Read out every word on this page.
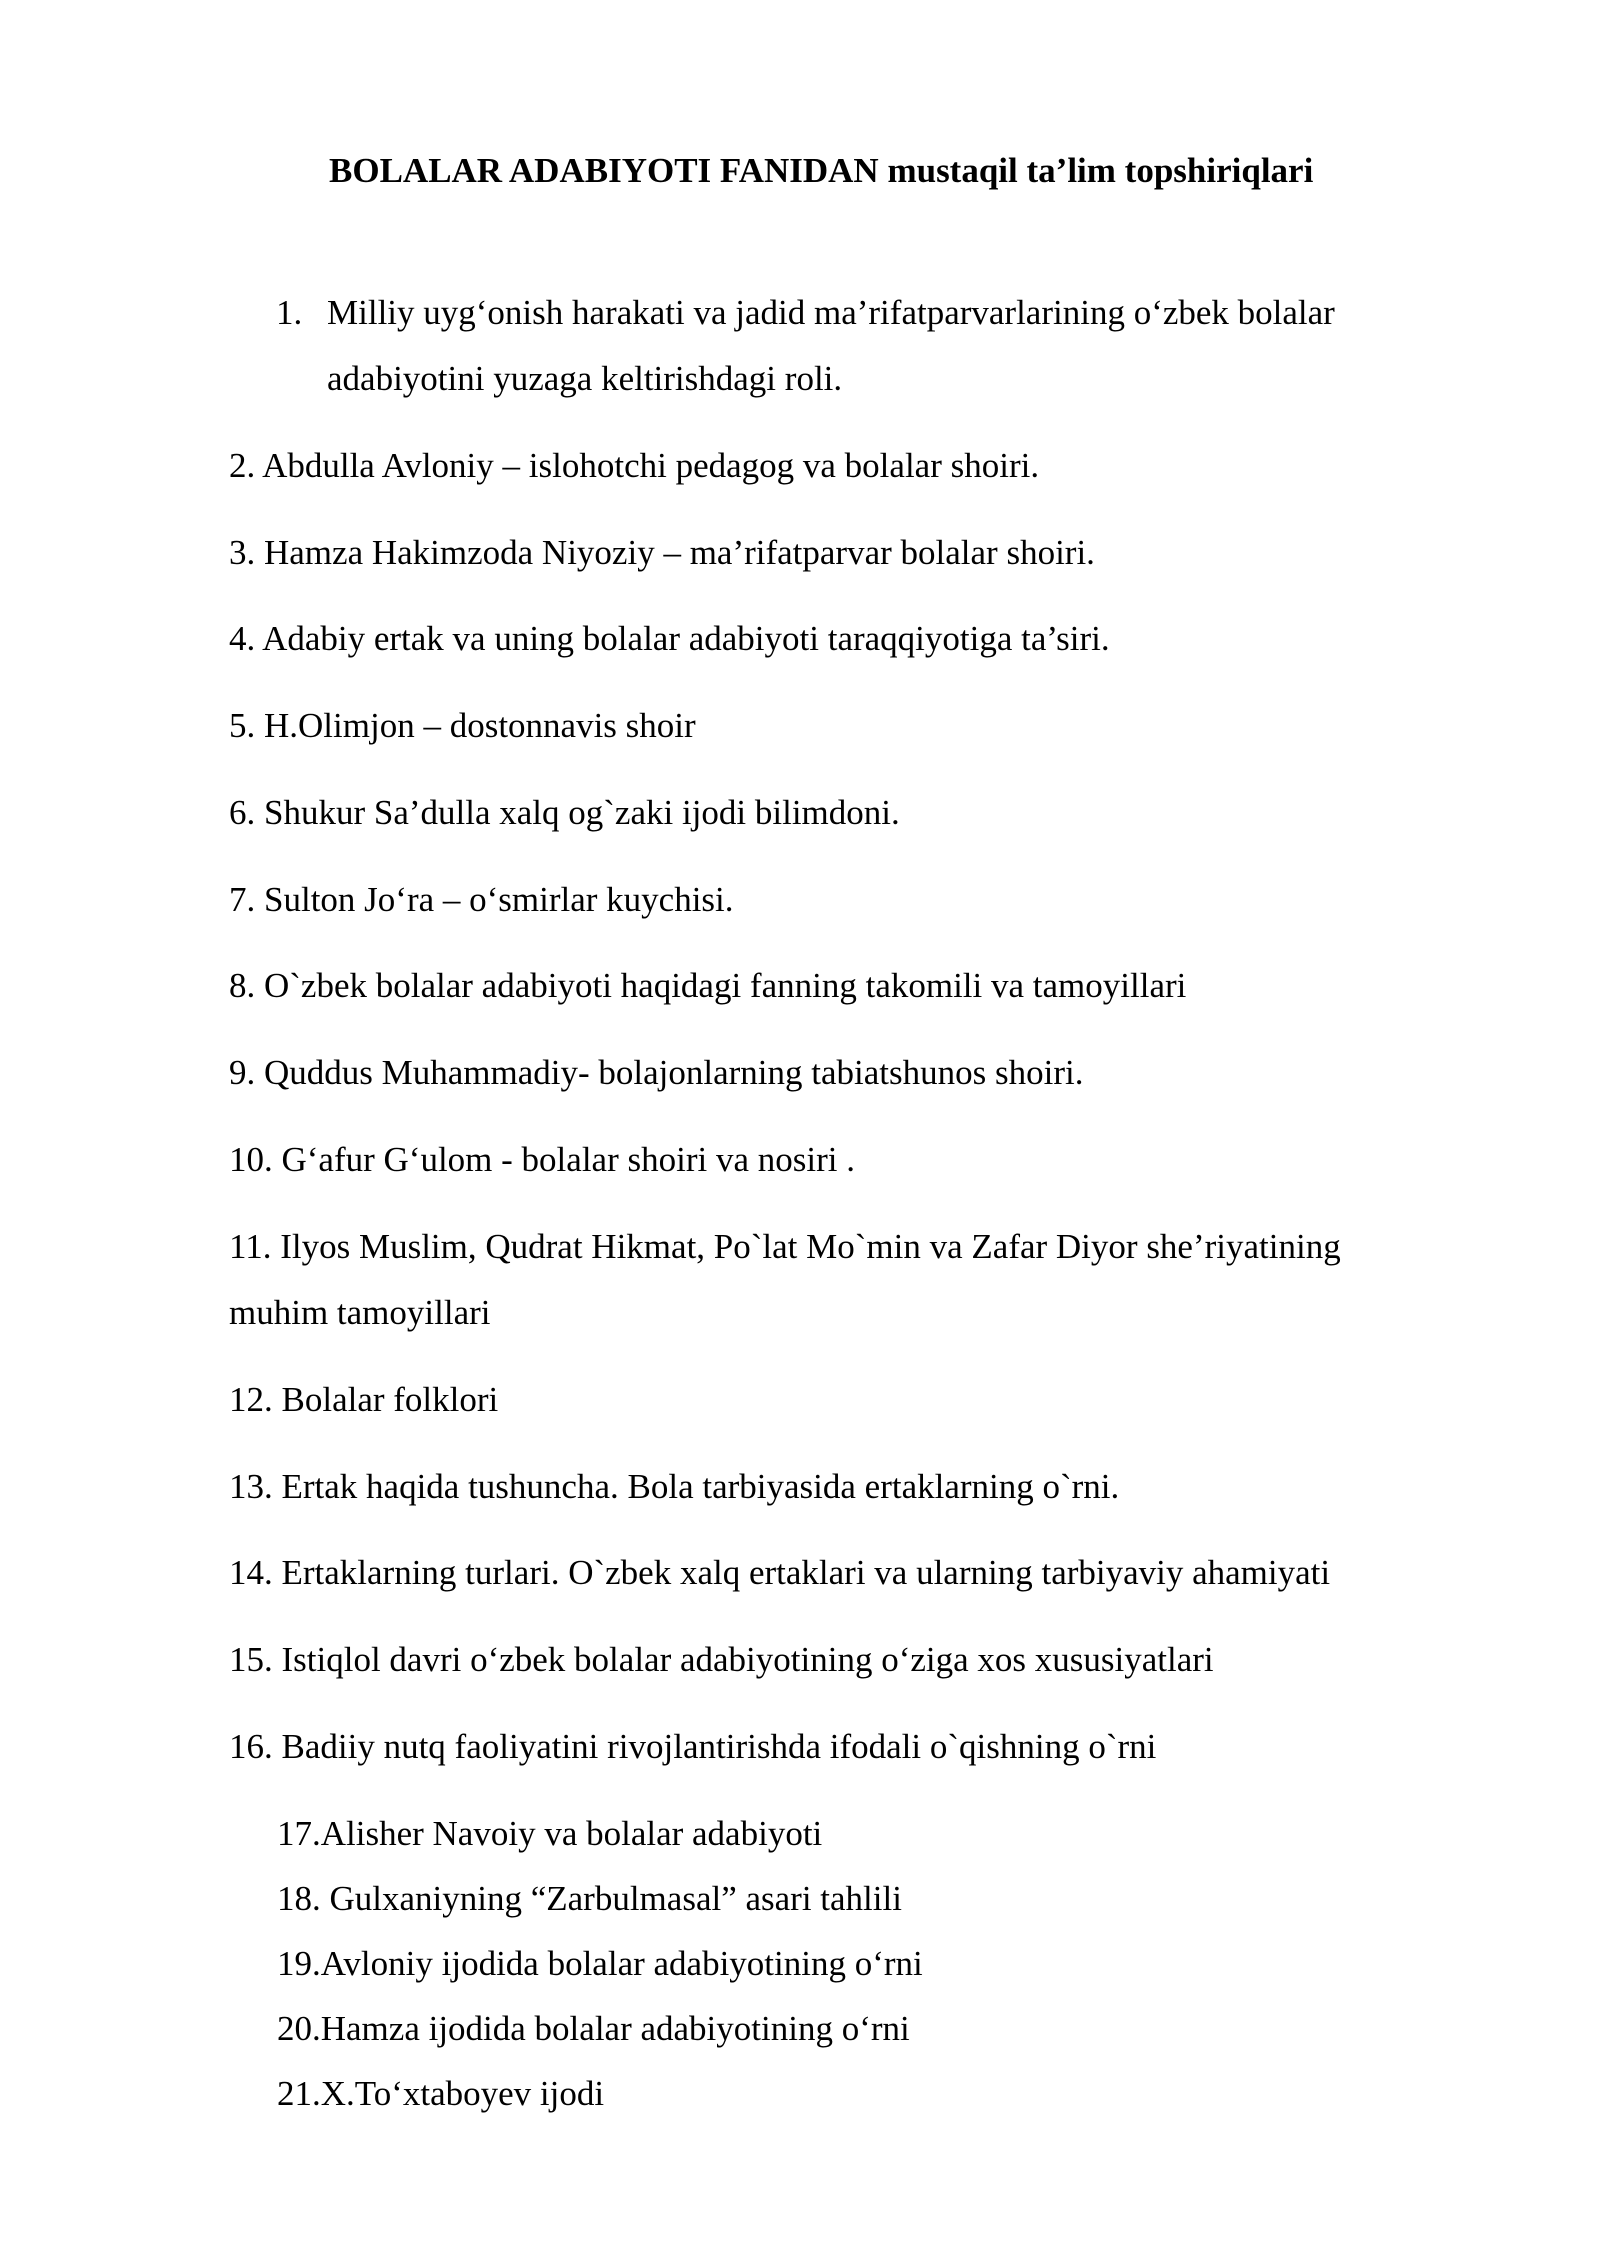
BOLALAR ADABIYOTI FANIDAN mustaqil ta’lim topshiriqlari

1. Milliy uyg‘onish harakati va jadid ma’rifatparvarlarining o‘zbek bolalar

adabiyotini yuzaga keltirishdagi roli.

2. Abdulla Avloniy – islohotchi pedagog va bolalar shoiri.

3. Hamza Hakimzoda Niyoziy – ma’rifatparvar bolalar shoiri.

4. Adabiy ertak va uning bolalar adabiyoti taraqqiyotiga ta’siri.

5. H.Olimjon – dostonnavis shoir

6. Shukur Sa’dulla xalq og`zaki ijodi bilimdoni.

7. Sulton Jo‘ra – o‘smirlar kuychisi.

8. O`zbek bolalar adabiyoti haqidagi fanning takomili va tamoyillari

9. Quddus Muhammadiy- bolajonlarning tabiatshunos shoiri.

10. G‘afur G‘ulom - bolalar shoiri va nosiri .

11. Ilyos Muslim, Qudrat Hikmat, Po`lat Mo`min va Zafar Diyor she’riyatining

muhim tamoyillari

12. Bolalar folklori

13. Ertak haqida tushuncha. Bola tarbiyasida ertaklarning o`rni.

14. Ertaklarning turlari. O`zbek xalq ertaklari va ularning tarbiyaviy ahamiyati

15. Istiqlol davri o‘zbek bolalar adabiyotining o‘ziga xos xususiyatlari

16. Badiiy nutq faoliyatini rivojlantirishda ifodali o`qishning o`rni

17.Alisher Navoiy va bolalar adabiyoti

18. Gulxaniyning “Zarbulmasal” asari tahlili

19.Avloniy ijodida bolalar adabiyotining o‘rni

20.Hamza ijodida bolalar adabiyotining o‘rni

21.X.To‘xtaboyev ijodi
